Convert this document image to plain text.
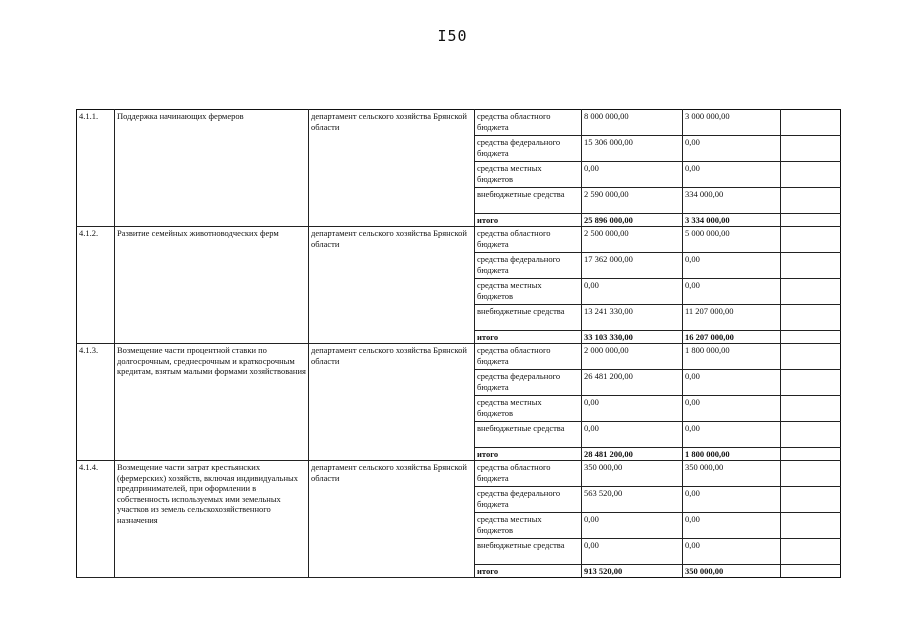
I50
4.1.1.	Поддержка начинающих фермеров	департамент сельского хозяйства Брянской области	средства областного бюджета	8 000 000,00	3 000 000,00	
			средства федерального бюджета	15 306 000,00	0,00	
			средства местных бюджетов	0,00	0,00	
			внебюджетные средства	2 590 000,00	334 000,00	
			итого	25 896 000,00	3 334 000,00	
4.1.2.	Развитие семейных животноводческих ферм	департамент сельского хозяйства Брянской области	средства областного бюджета	2 500 000,00	5 000 000,00	
			средства федерального бюджета	17 362 000,00	0,00	
			средства местных бюджетов	0,00	0,00	
			внебюджетные средства	13 241 330,00	11 207 000,00	
			итого	33 103 330,00	16 207 000,00	
4.1.3.	Возмещение части процентной ставки по долгосрочным, среднесрочным и краткосрочным кредитам, взятым малыми формами хозяйствования	департамент сельского хозяйства Брянской области	средства областного бюджета	2 000 000,00	1 800 000,00	
			средства федерального бюджета	26 481 200,00	0,00	
			средства местных бюджетов	0,00	0,00	
			внебюджетные средства	0,00	0,00	
			итого	28 481 200,00	1 800 000,00	
4.1.4.	Возмещение части затрат крестьянских (фермерских) хозяйств, включая индивидуальных предпринимателей, при оформлении в собственность используемых ими земельных участков из земель сельскохозяйственного назначения	департамент сельского хозяйства Брянской области	средства областного бюджета	350 000,00	350 000,00	
			средства федерального бюджета	563 520,00	0,00	
			средства местных бюджетов	0,00	0,00	
			внебюджетные средства	0,00	0,00	
			итого	913 520,00	350 000,00	
